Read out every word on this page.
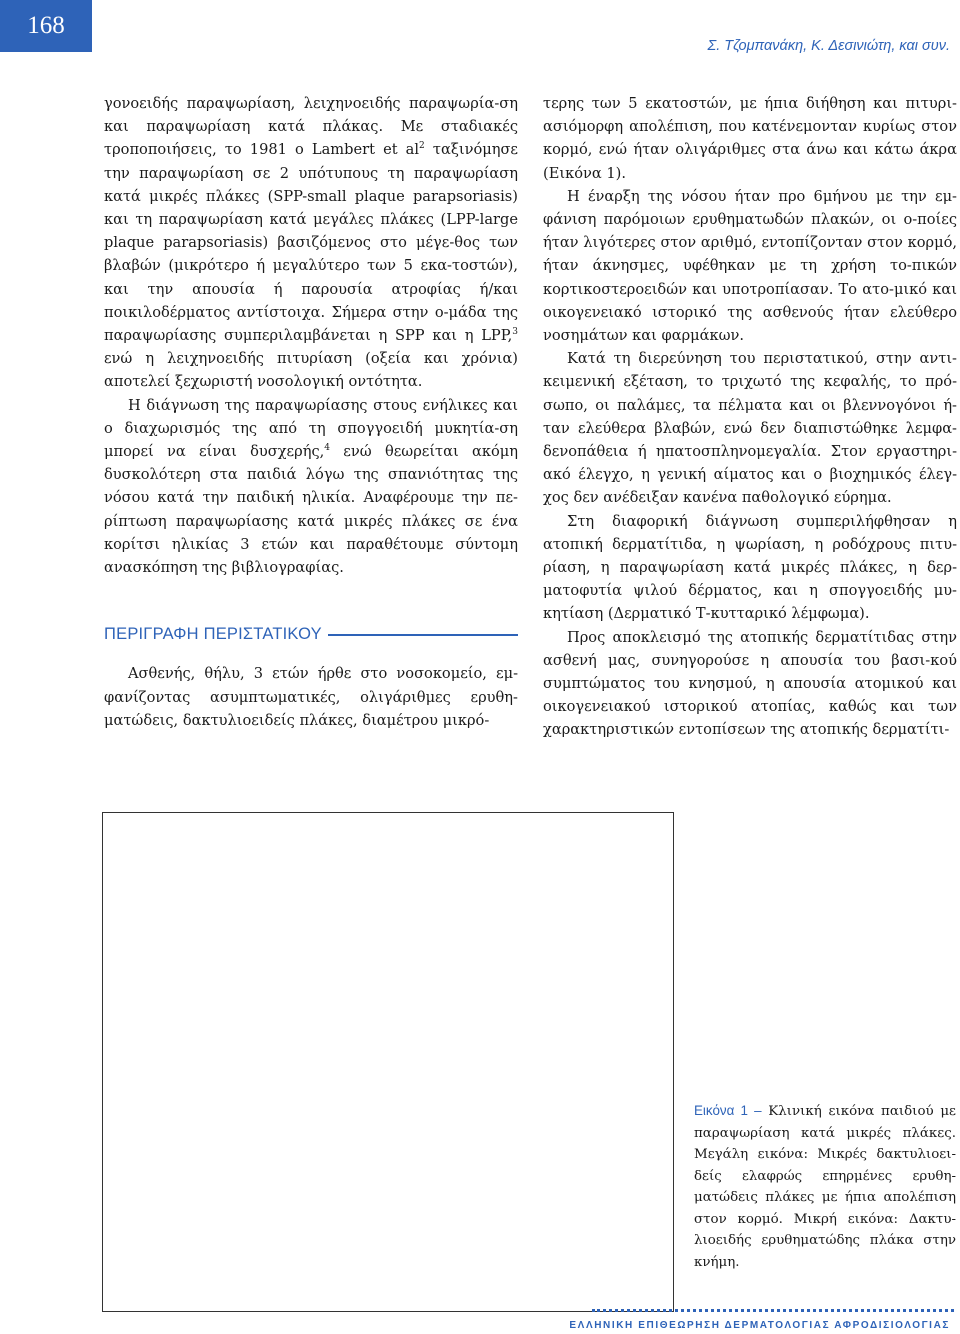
168
Σ. Τζομπανάκη, Κ. Δεσινιώτη, και συν.

γονοειδής παραψωρίαση, λειχηνοειδής παραψωρία-ση και παραψωρίαση κατά πλάκας. Με σταδιακές τροποποιήσεις, το 1981 ο Lambert et $al^2$ ταξινόμησε την παραψωρίαση σε 2 υπότυπους τη παραψωρίαση κατά μικρές πλάκες (SPP-small plaque parapsoriasis) και τη παραψωρίαση κατά μεγάλες πλάκες (LPP-large plaque parapsoriasis) βασιζόμενος στο μέγε-θος των βλαβών (μικρότερο ή μεγαλύτερο των 5 εκα-τοστών), και την απουσία ή παρουσία ατροφίας ή/και ποικιλοδέρματος αντίστοιχα. Σήμερα στην ο-μάδα της παραψωρίασης συμπεριλαμβάνεται η SPP και η LPP,$^3$ ενώ η λειχηνοειδής πιτυρίαση (οξεία και χρόνια) αποτελεί ξεχωριστή νοσολογική οντότητα.

Η διάγνωση της παραψωρίασης στους ενήλικες και ο διαχωρισμός της από τη σπογγοειδή μυκητία-ση μπορεί να είναι δυσχερής,$^4$ ενώ θεωρείται ακόμη δυσκολότερη στα παιδιά λόγω της σπανιότητας της νόσου κατά την παιδική ηλικία. Αναφέρουμε την πε-ρίπτωση παραψωρίασης κατά μικρές πλάκες σε ένα κορίτσι ηλικίας 3 ετών και παραθέτουμε σύντομη ανασκόπηση της βιβλιογραφίας.

ΠΕΡΙΓΡΑΦΗ ΠΕΡΙΣΤΑΤΙΚΟΥ

Ασθενής, θήλυ, 3 ετών ήρθε στο νοσοκομείο, εμ-φανίζοντας ασυμπτωματικές, ολιγάριθμες ερυθη-ματώδεις, δακτυλιοειδείς πλάκες, διαμέτρου μικρό-

τερης των 5 εκατοστών, με ήπια διήθηση και πιτυρι-ασιόμορφη απολέπιση, που κατένεμονταν κυρίως στον κορμό, ενώ ήταν ολιγάριθμες στα άνω και κάτω άκρα (Εικόνα 1).

Η έναρξη της νόσου ήταν προ 6μήνου με την εμ-φάνιση παρόμοιων ερυθηματωδών πλακών, οι ο-ποίες ήταν λιγότερες στον αριθμό, εντοπίζονταν στον κορμό, ήταν άκνησμες, υφέθηκαν με τη χρήση το-πικών κορτικοστεροειδών και υποτροπίασαν. Το ατο-μικό και οικογενειακό ιστορικό της ασθενούς ήταν ελεύθερο νοσημάτων και φαρμάκων.

Κατά τη διερεύνηση του περιστατικού, στην αντι-κειμενική εξέταση, το τριχωτό της κεφαλής, το πρό-σωπο, οι παλάμες, τα πέλματα και οι βλεννογόνοι ή-ταν ελεύθερα βλαβών, ενώ δεν διαπιστώθηκε λεμφα-δενοπάθεια ή ηπατοσπληνομεγαλία. Στον εργαστηρι-ακό έλεγχο, η γενική αίματος και ο βιοχημικός έλεγ-χος δεν ανέδειξαν κανένα παθολογικό εύρημα.

Στη διαφορική διάγνωση συμπεριλήφθησαν η ατοπική δερματίτιδα, η ψωρίαση, η ροδόχρους πιτυ-ρίαση, η παραψωρίαση κατά μικρές πλάκες, η δερ-ματοφυτία ψιλού δέρματος, και η σπογγοειδής μυ-κητίαση (Δερματικό Τ-κυτταρικό λέμφωμα).

Προς αποκλεισμό της ατοπικής δερματίτιδας στην ασθενή μας, συνηγορούσε η απουσία του βασι-κού συμπτώματος του κνησμού, η απουσία ατομικού και οικογενειακού ιστορικού ατοπίας, καθώς και των χαρακτηριστικών εντοπίσεων της ατοπικής δερματίτι-

Εικόνα 1 – Κλινική εικόνα παιδιού με παραψωρίαση κατά μικρές πλάκες. Μεγάλη εικόνα: Μικρές δακτυλιοει-δείς ελαφρώς επηρμένες ερυθη-ματώδεις πλάκες με ήπια απολέπιση στον κορμό. Μικρή εικόνα: Δακτυ-λιοειδής ερυθηματώδης πλάκα στην κνήμη.
ΕΛΛΗΝΙΚΗ ΕΠΙΘΕΩΡΗΣΗ ΔΕΡΜΑΤΟΛΟΓΙΑΣ ΑΦΡΟΔΙΣΙΟΛΟΓΙΑΣ
